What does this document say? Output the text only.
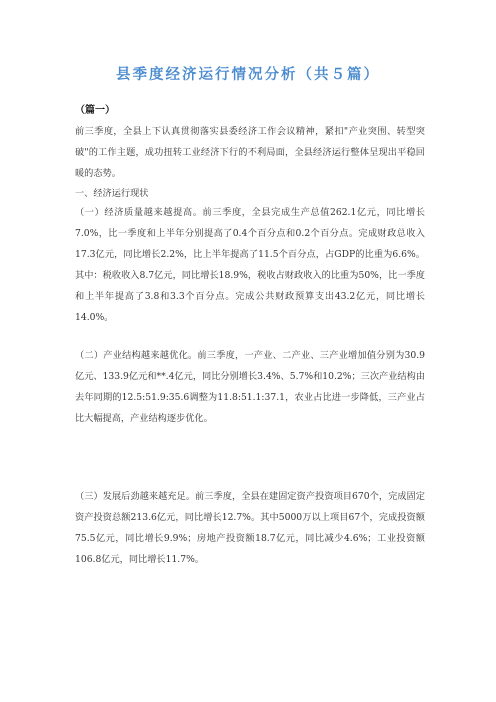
县季度经济运行情况分析（共５篇）
（篇一）

前三季度，全县上下认真贯彻落实县委经济工作会议精神，紧扣"产业突围、转型突破"的工作主题，成功扭转工业经济下行的不利局面，全县经济运行整体呈现出平稳回暖的态势。

一、经济运行现状

（一）经济质量越来越提高。前三季度，全县完成生产总值262.1亿元，同比增长7.0%，比一季度和上半年分别提高了0.4个百分点和0.2个百分点。完成财政总收入17.3亿元，同比增长2.2%，比上半年提高了11.5个百分点，占GDP的比重为6.6%。其中：税收收入8.7亿元，同比增长18.9%，税收占财政收入的比重为50%，比一季度和上半年提高了3.8和3.3个百分点。完成公共财政预算支出43.2亿元，同比增长14.0%。

（二）产业结构越来越优化。前三季度，一产业、二产业、三产业增加值分别为30.9亿元、133.9亿元和**.4亿元，同比分别增长3.4%、5.7%和10.2%；三次产业结构由去年同期的12.5:51.9:35.6调整为11.8:51.1:37.1，农业占比进一步降低，三产业占比大幅提高，产业结构逐步优化。

（三）发展后劲越来越充足。前三季度，全县在建固定资产投资项目670个，完成固定资产投资总额213.6亿元，同比增长12.7%。其中5000万以上项目67个，完成投资额75.5亿元，同比增长9.9%；房地产投资额18.7亿元，同比减少4.6%；工业投资额106.8亿元，同比增长11.7%。
